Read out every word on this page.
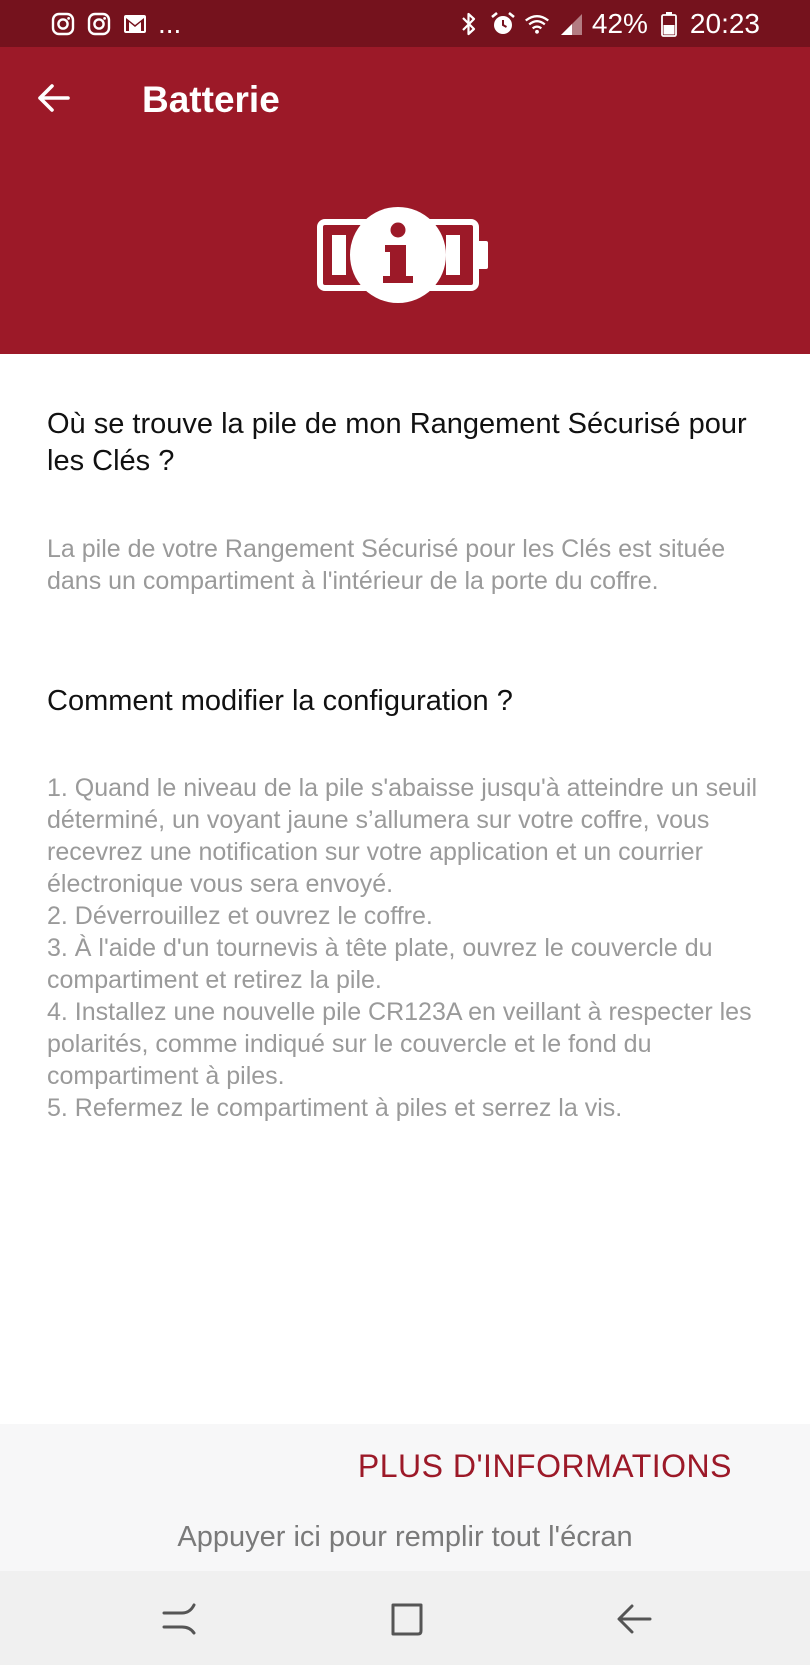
...	42% 20:23
Batterie
Où se trouve la pile de mon Rangement Sécurisé pour les Clés ?

La pile de votre Rangement Sécurisé pour les Clés est située dans un compartiment à l'intérieur de la porte du coffre.

Comment modifier la configuration ?
1. Quand le niveau de la pile s'abaisse jusqu'à atteindre un seuil déterminé, un voyant jaune s’allumera sur votre coffre, vous recevrez une notification sur votre application et un courrier électronique vous sera envoyé.
2. Déverrouillez et ouvrez le coffre.
3. À l'aide d'un tournevis à tête plate, ouvrez le couvercle du compartiment et retirez la pile.
4. Installez une nouvelle pile CR123A en veillant à respecter les polarités, comme indiqué sur le couvercle et le fond du compartiment à piles.
5. Refermez le compartiment à piles et serrez la vis.
PLUS D'INFORMATIONS
Appuyer ici pour remplir tout l'écran
